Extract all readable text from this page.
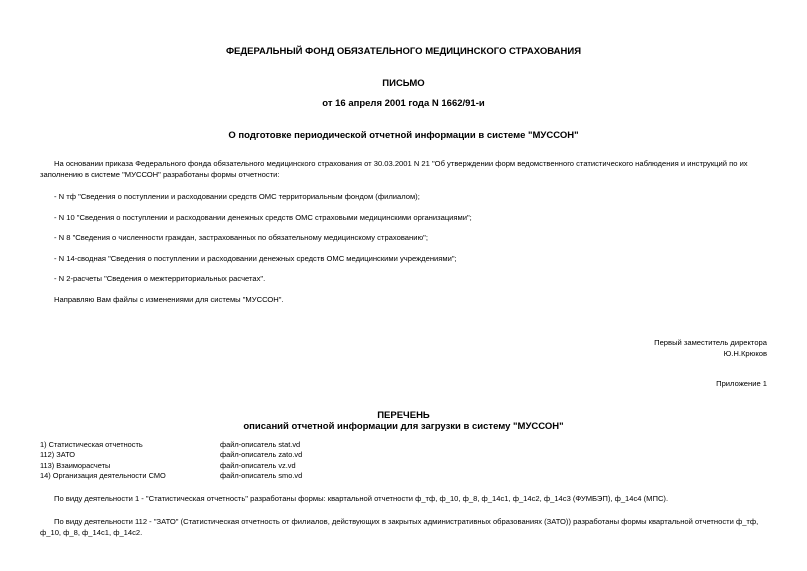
ФЕДЕРАЛЬНЫЙ ФОНД ОБЯЗАТЕЛЬНОГО МЕДИЦИНСКОГО СТРАХОВАНИЯ
ПИСЬМО
от 16 апреля 2001 года N 1662/91-и
О подготовке периодической отчетной информации в системе "МУССОН"
На основании приказа Федерального фонда обязательного медицинского страхования от 30.03.2001 N 21 "Об утверждении форм ведомственного статистического наблюдения и инструкций по их заполнению в системе "МУССОН" разработаны формы отчетности:
- N тф "Сведения о поступлении и расходовании средств ОМС территориальным фондом (филиалом);
- N 10 "Сведения о поступлении и расходовании денежных средств ОМС страховыми медицинскими организациями";
- N 8 "Сведения о численности граждан, застрахованных по обязательному медицинскому страхованию";
- N 14-сводная "Сведения о поступлении и расходовании денежных средств ОМС медицинскими учреждениями";
- N 2-расчеты "Сведения о межтерриториальных расчетах".
Направляю Вам файлы с изменениями для системы "МУССОН".
Первый заместитель директора
Ю.Н.Крюков
Приложение 1
ПЕРЕЧЕНЬ
описаний отчетной информации для загрузки в систему "МУССОН"
1) Статистическая отчетность	файл-описатель stat.vd
112) ЗАТО	файл-описатель zato.vd
113) Взаиморасчеты	файл-описатель vz.vd
14) Организация деятельности СМО	файл-описатель smo.vd
По виду деятельности 1 - "Статистическая отчетность" разработаны формы: квартальной отчетности ф_тф, ф_10, ф_8, ф_14с1, ф_14с2, ф_14с3 (ФУМБЭП), ф_14с4 (МПС).
По виду деятельности 112 - "ЗАТО" (Статистическая отчетность от филиалов, действующих в закрытых административных образованиях (ЗАТО)) разработаны формы квартальной отчетности ф_тф, ф_10, ф_8, ф_14с1, ф_14с2.
